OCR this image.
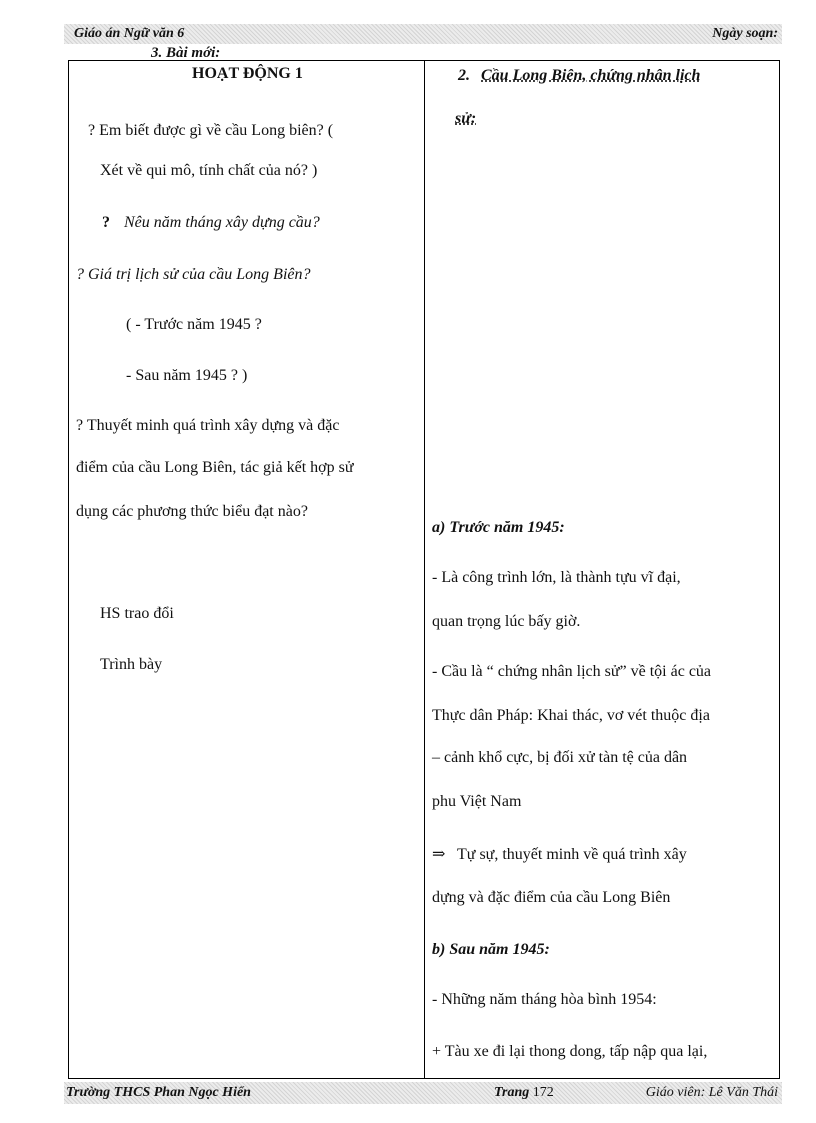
Giáo án Ngữ văn 6	Ngày soạn:
3. Bài mới:
HOẠT ĐỘNG 1
? Em biết được gì về cầu Long biên? (
Xét về qui mô, tính chất của nó? )
? Nêu năm tháng xây dựng cầu?
? Giá trị lịch sử của cầu Long Biên?
( - Trước năm 1945 ?
- Sau năm 1945 ? )
? Thuyết minh quá trình xây dựng và đặc
điểm của cầu Long Biên, tác giả kết hợp sử
dụng các phương thức biểu đạt nào?
HS trao đổi
Trình bày
2. Cầu Long Biên, chứng nhân lịch
sử:
a) Trước năm 1945:
- Là công trình lớn, là thành tựu vĩ đại,
quan trọng lúc bấy giờ.
- Cầu là “ chứng nhân lịch sử” về tội ác của
Thực dân Pháp: Khai thác, vơ vét thuộc địa
– cảnh khổ cực, bị đối xử tàn tệ của dân
phu Việt Nam
⇒ Tự sự, thuyết minh về quá trình xây
dựng và đặc điểm của cầu Long Biên
b) Sau năm 1945:
- Những năm tháng hòa bình 1954:
+ Tàu xe đi lại thong dong, tấp nập qua lại,
Trường THCS Phan Ngọc Hiển	Trang 172	Giáo viên: Lê Văn Thái
